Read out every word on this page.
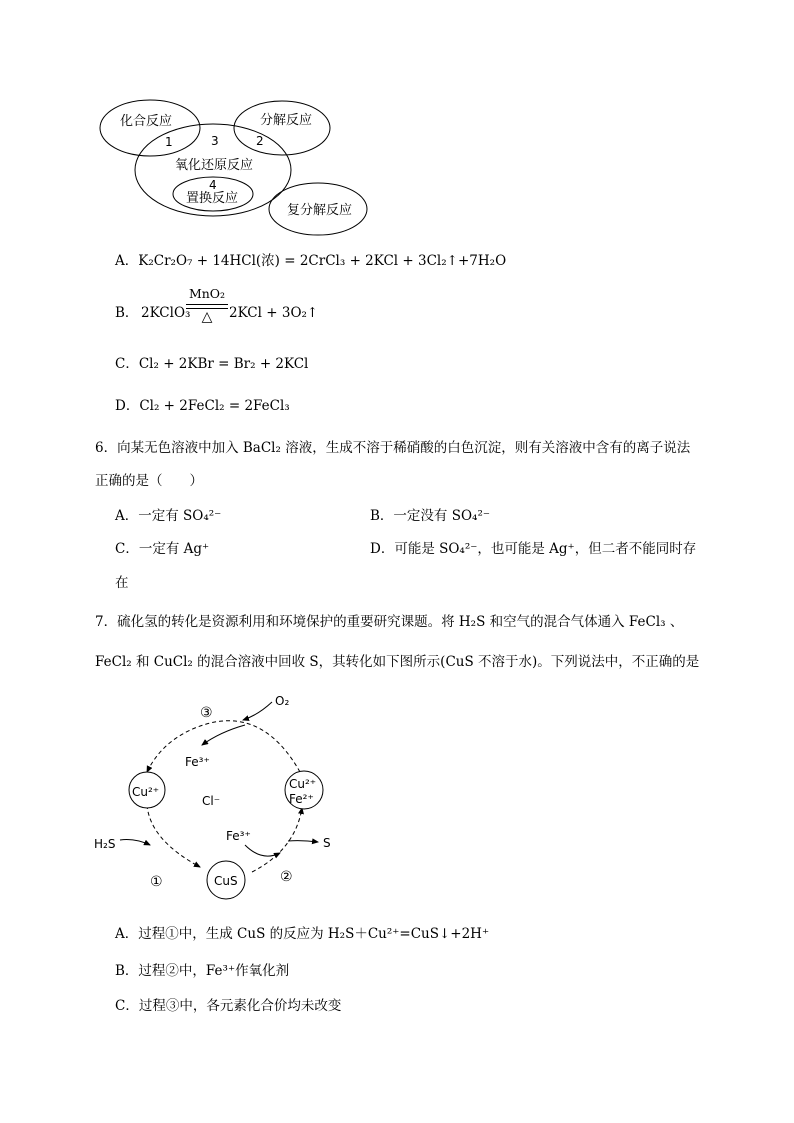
化合反应	分解反应
氧化还原反应
置换反应
复分解反应
1	2
3
4
A．K₂Cr₂O₇ + 14HCl(浓) = 2CrCl₃ + 2KCl + 3Cl₂↑+7H₂O
B． 2KClO₃
MnO₂
△	2KCl + 3O₂↑
C．Cl₂ + 2KBr = Br₂ + 2KCl
D．Cl₂ + 2FeCl₂ = 2FeCl₃
6．向某无色溶液中加入 BaCl₂ 溶液，生成不溶于稀硝酸的白色沉淀，则有关溶液中含有的离子说法
正确的是（　　）
A．一定有 SO₄²⁻	B．一定没有 SO₄²⁻
C．一定有 Ag⁺	D．可能是 SO₄²⁻，也可能是 Ag⁺，但二者不能同时存
在
7．硫化氢的转化是资源利用和环境保护的重要研究课题。将 H₂S 和空气的混合气体通入 FeCl₃ 、
FeCl₂ 和 CuCl₂ 的混合溶液中回收 S，其转化如下图所示(CuS 不溶于水)。下列说法中，不正确的是
Cu²⁺
Cu²⁺
Fe²⁺
CuS
Cl⁻
H₂S	S
O₂
Fe³⁺
Fe³⁺
①	②
③
A．过程①中，生成 CuS 的反应为 H₂S＋Cu²⁺=CuS↓+2H⁺
B．过程②中，Fe³⁺作氧化剂
C．过程③中，各元素化合价均未改变
